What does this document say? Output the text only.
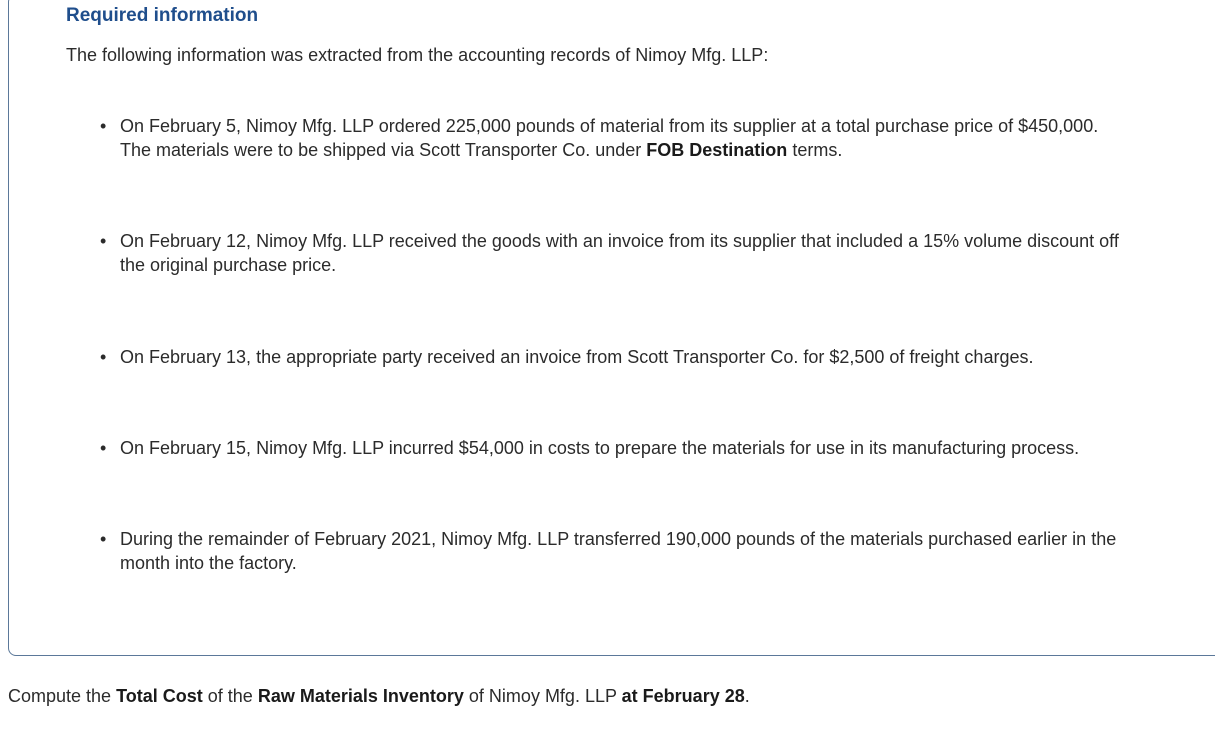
Required information

The following information was extracted from the accounting records of Nimoy Mfg. LLP:

• On February 5, Nimoy Mfg. LLP ordered 225,000 pounds of material from its supplier at a total purchase price of $450,000.
The materials were to be shipped via Scott Transporter Co. under FOB Destination terms.
• On February 12, Nimoy Mfg. LLP received the goods with an invoice from its supplier that included a 15% volume discount off
the original purchase price.
• On February 13, the appropriate party received an invoice from Scott Transporter Co. for $2,500 of freight charges.
• On February 15, Nimoy Mfg. LLP incurred $54,000 in costs to prepare the materials for use in its manufacturing process.
• During the remainder of February 2021, Nimoy Mfg. LLP transferred 190,000 pounds of the materials purchased earlier in the
month into the factory.

Compute the Total Cost of the Raw Materials Inventory of Nimoy Mfg. LLP at February 28.
